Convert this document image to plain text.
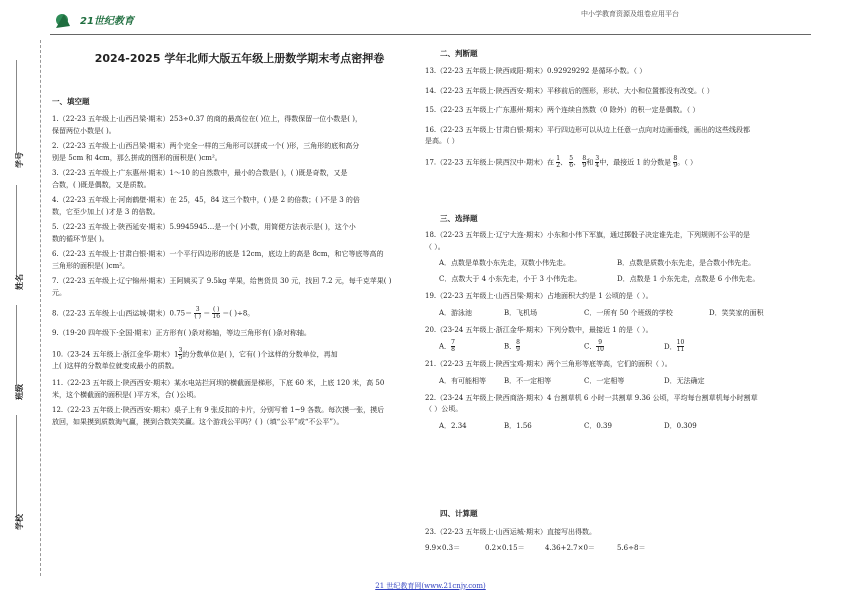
21世纪教育
中小学教育资源及组卷应用平台
学号
姓名
班级
学校
2024-2025 学年北师大版五年级上册数学期末考点密押卷
一、填空题

1.（22-23 五年级上·山西吕梁·期末）253÷0.37 的商的最高位在( )位上，得数保留一位小数是( )，
保留两位小数是( )。

2.（22-23 五年级上·山西吕梁·期末）两个完全一样的三角形可以拼成一个( )形，三角形的底和高分
别是 5cm 和 4cm，那么拼成的图形的面积是( )cm²。

3.（22-23 五年级上·广东惠州·期末）1～10 的自然数中，最小的合数是( )，( )既是奇数，又是
合数，( )既是偶数，又是质数。

4.（22-23 五年级上·河南鹤壁·期末）在 25，45，84 这三个数中，( )是 2 的倍数；( )不是 3 的倍
数，它至少加上( )才是 3 的倍数。

5.（22-23 五年级上·陕西延安·期末）5.9945945…是一个( )小数，用简便方法表示是( )，这个小
数的循环节是( )。

6.（22-23 五年级上·甘肃白银·期末）一个平行四边形的底是 12cm，底边上的高是 8cm，和它等底等高的
三角形的面积是( )cm²。

7.（22-23 五年级上·辽宁锦州·期末）王阿姨买了 9.5kg 苹果，给售货员 30 元，找回 7.2 元，每千克苹果( )
元。

8.（22-23 五年级上·山西运城·期末）$0.75= \frac{3}{( )} = \frac{( )}{16}$ ＝( )÷8。

9.（19-20 四年级下·全国·期末）正方形有( )条对称轴，等边三角形有( )条对称轴。

10.（23-24 五年级上·浙江金华·期末）$1 \frac{3}{5}$ 的分数单位是( )，它有( )个这样的分数单位，再加
上( )这样的分数单位就变成最小的质数。

11.（22-23 五年级上·陕西西安·期末）某水电站拦河坝的横截面是梯形，下底 60 米，上底 120 米，高 50
米，这个横截面的面积是( )平方米，合( )公顷。

12.（22-23 五年级上·陕西西安·期末）桌子上有 9 张反扣的卡片，分别写着 1~9 各数。每次摸一张，摸后
放回，如果摸到质数淘气赢，摸到合数笑笑赢。这个游戏公平吗？( )（填“公平”或“不公平”）。

二、判断题

13.（22-23 五年级上·陕西咸阳·期末）0.92929292 是循环小数。（ ）

14.（22-23 五年级上·陕西西安·期末）平移前后的图形，形状、大小和位置都没有改变。（ ）

15.（22-23 五年级上·广东惠州·期末）两个连续自然数（0 除外）的积一定是偶数。（ ）

16.（22-23 五年级上·甘肃白银·期末）平行四边形可以从边上任意一点向对边画垂线，画出的这些线段都
是高。（ ）

17.（22-23 五年级上·陕西汉中·期末）在 $\frac{1}{2}$ 、 $\frac{5}{6}$ 、 $\frac{8}{9}$ 和 $\frac{3}{4}$ 中，最接近 1 的分数是 $\frac{8}{9}$ 。（ ）

三、选择题

18.（22-23 五年级上·辽宁大连·期末）小东和小伟下军旗，通过掷骰子决定谁先走，下列规则不公平的是
（ ）。

A．点数是单数小东先走，双数小伟先走。	B．点数是质数小东先走，是合数小伟先走。
C．点数大于 4 小东先走，小于 3 小伟先走。	D．点数是 1 小东先走，点数是 6 小伟先走。

19.（22-23 五年级上·山西吕梁·期末）占地面积大约是 1 公顷的是（ ）。

A．游泳池	B．飞机场	C．一所有 50 个班级的学校	D．笑笑家的面积

20.（23-24 五年级上·浙江金华·期末）下列分数中，最接近 1 的是（ ）。

A． $\frac{7}{8}$	B． $\frac{8}{9}$	C． $\frac{9}{10}$	D． $\frac{10}{11}$

21.（22-23 五年级上·陕西宝鸡·期末）两个三角形等底等高，它们的面积（ ）。

A．有可能相等	B．不一定相等	C．一定相等	D．无法确定

22.（23-24 五年级上·陕西商洛·期末）4 台割草机 6 小时一共割草 9.36 公顷，平均每台割草机每小时割草
（ ）公顷。

A．2.34	B．1.56	C．0.39	D．0.309
四、计算题

23.（22-23 五年级上·山西运城·期末）直接写出得数。

9.9×0.3＝	0.2×0.15＝	4.36+2.7×0＝	5.6÷8＝
21 世纪教育网(www.21cnjy.com)
